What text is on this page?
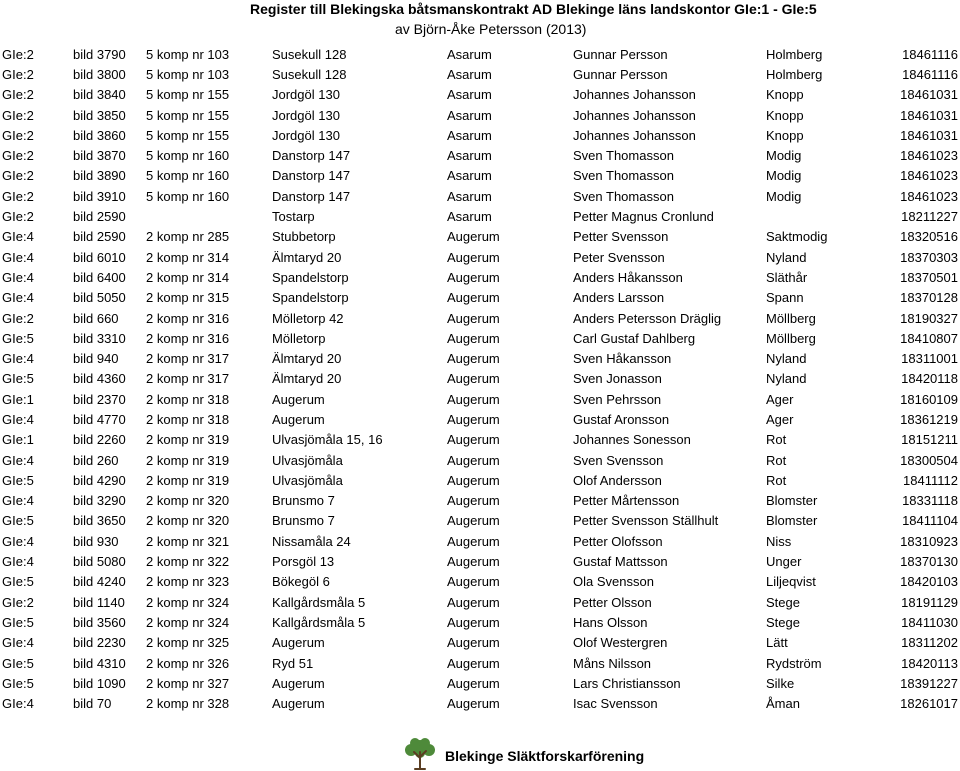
Register till Blekingska båtsmanskontrakt AD Blekinge läns landskontor GIe:1 - GIe:5
av Björn-Åke Petersson (2013)
GIe:2	bild 3790	5 komp nr 103	Susekull 128	Asarum	Gunnar Persson	Holmberg	18461116
GIe:2	bild 3800	5 komp nr 103	Susekull 128	Asarum	Gunnar Persson	Holmberg	18461116
GIe:2	bild 3840	5 komp nr 155	Jordgöl 130	Asarum	Johannes Johansson	Knopp	18461031
GIe:2	bild 3850	5 komp nr 155	Jordgöl 130	Asarum	Johannes Johansson	Knopp	18461031
GIe:2	bild 3860	5 komp nr 155	Jordgöl 130	Asarum	Johannes Johansson	Knopp	18461031
GIe:2	bild 3870	5 komp nr 160	Danstorp 147	Asarum	Sven Thomasson	Modig	18461023
GIe:2	bild 3890	5 komp nr 160	Danstorp 147	Asarum	Sven Thomasson	Modig	18461023
GIe:2	bild 3910	5 komp nr 160	Danstorp 147	Asarum	Sven Thomasson	Modig	18461023
GIe:2	bild 2590		Tostarp	Asarum	Petter Magnus Cronlund		18211227
GIe:4	bild 2590	2 komp nr 285	Stubbetorp	Augerum	Petter Svensson	Saktmodig	18320516
GIe:4	bild 6010	2 komp nr 314	Älmtaryd 20	Augerum	Peter Svensson	Nyland	18370303
GIe:4	bild 6400	2 komp nr 314	Spandelstorp	Augerum	Anders Håkansson	Släthår	18370501
GIe:4	bild 5050	2 komp nr 315	Spandelstorp	Augerum	Anders Larsson	Spann	18370128
GIe:2	bild 660	2 komp nr 316	Mölletorp 42	Augerum	Anders Petersson Dräglig	Möllberg	18190327
GIe:5	bild 3310	2 komp nr 316	Mölletorp	Augerum	Carl Gustaf Dahlberg	Möllberg	18410807
GIe:4	bild 940	2 komp nr 317	Älmtaryd 20	Augerum	Sven Håkansson	Nyland	18311001
GIe:5	bild 4360	2 komp nr 317	Älmtaryd 20	Augerum	Sven Jonasson	Nyland	18420118
GIe:1	bild 2370	2 komp nr 318	Augerum	Augerum	Sven Pehrsson	Ager	18160109
GIe:4	bild 4770	2 komp nr 318	Augerum	Augerum	Gustaf Aronsson	Ager	18361219
GIe:1	bild 2260	2 komp nr 319	Ulvasjömåla 15, 16	Augerum	Johannes Sonesson	Rot	18151211
GIe:4	bild 260	2 komp nr 319	Ulvasjömåla	Augerum	Sven Svensson	Rot	18300504
GIe:5	bild 4290	2 komp nr 319	Ulvasjömåla	Augerum	Olof Andersson	Rot	18411112
GIe:4	bild 3290	2 komp nr 320	Brunsmo 7	Augerum	Petter Mårtensson	Blomster	18331118
GIe:5	bild 3650	2 komp nr 320	Brunsmo 7	Augerum	Petter Svensson Ställhult	Blomster	18411104
GIe:4	bild 930	2 komp nr 321	Nissamåla 24	Augerum	Petter Olofsson	Niss	18310923
GIe:4	bild 5080	2 komp nr 322	Porsgöl 13	Augerum	Gustaf Mattsson	Unger	18370130
GIe:5	bild 4240	2 komp nr 323	Bökegöl 6	Augerum	Ola Svensson	Liljeqvist	18420103
GIe:2	bild 1140	2 komp nr 324	Kallgårdsmåla 5	Augerum	Petter Olsson	Stege	18191129
GIe:5	bild 3560	2 komp nr 324	Kallgårdsmåla 5	Augerum	Hans Olsson	Stege	18411030
GIe:4	bild 2230	2 komp nr 325	Augerum	Augerum	Olof Westergren	Lätt	18311202
GIe:5	bild 4310	2 komp nr 326	Ryd 51	Augerum	Måns Nilsson	Rydström	18420113
GIe:5	bild 1090	2 komp nr 327	Augerum	Augerum	Lars Christiansson	Silke	18391227
GIe:4	bild 70	2 komp nr 328	Augerum	Augerum	Isac Svensson	Åman	18261017
Blekinge Släktforskarförening
